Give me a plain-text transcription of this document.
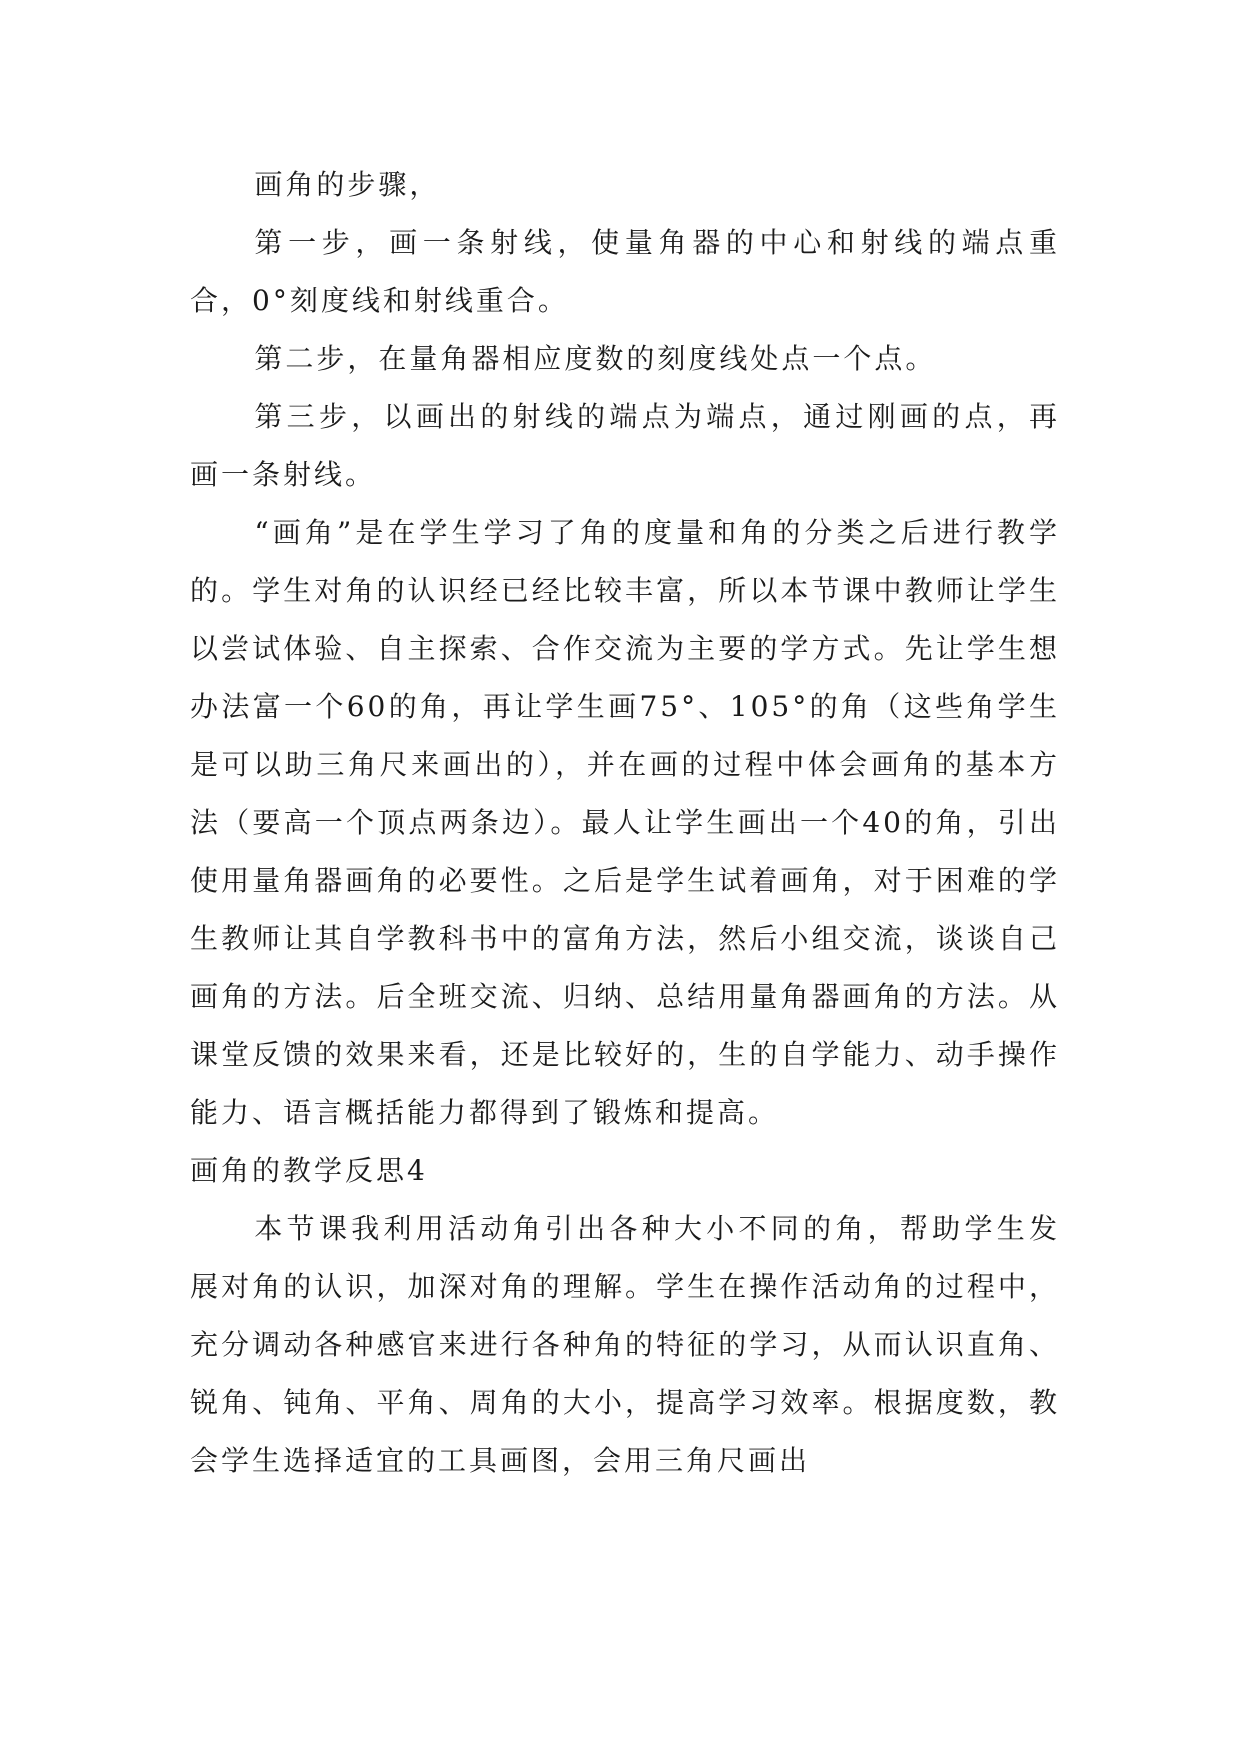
画角的步骤，

第一步，画一条射线，使量角器的中心和射线的端点重合，0°刻度线和射线重合。

第二步，在量角器相应度数的刻度线处点一个点。

第三步，以画出的射线的端点为端点，通过刚画的点，再画一条射线。

“画角”是在学生学习了角的度量和角的分类之后进行教学的。学生对角的认识经已经比较丰富，所以本节课中教师让学生以尝试体验、自主探索、合作交流为主要的学方式。先让学生想办法富一个60的角，再让学生画75°、105°的角（这些角学生是可以助三角尺来画出的），并在画的过程中体会画角的基本方法（要高一个顶点两条边）。最人让学生画出一个40的角，引出使用量角器画角的必要性。之后是学生试着画角，对于困难的学生教师让其自学教科书中的富角方法，然后小组交流，谈谈自己画角的方法。后全班交流、归纳、总结用量角器画角的方法。从课堂反馈的效果来看，还是比较好的，生的自学能力、动手操作能力、语言概括能力都得到了锻炼和提高。

画角的教学反思4

本节课我利用活动角引出各种大小不同的角，帮助学生发展对角的认识，加深对角的理解。学生在操作活动角的过程中，充分调动各种感官来进行各种角的特征的学习，从而认识直角、锐角、钝角、平角、周角的大小，提高学习效率。根据度数，教会学生选择适宜的工具画图，会用三角尺画出
